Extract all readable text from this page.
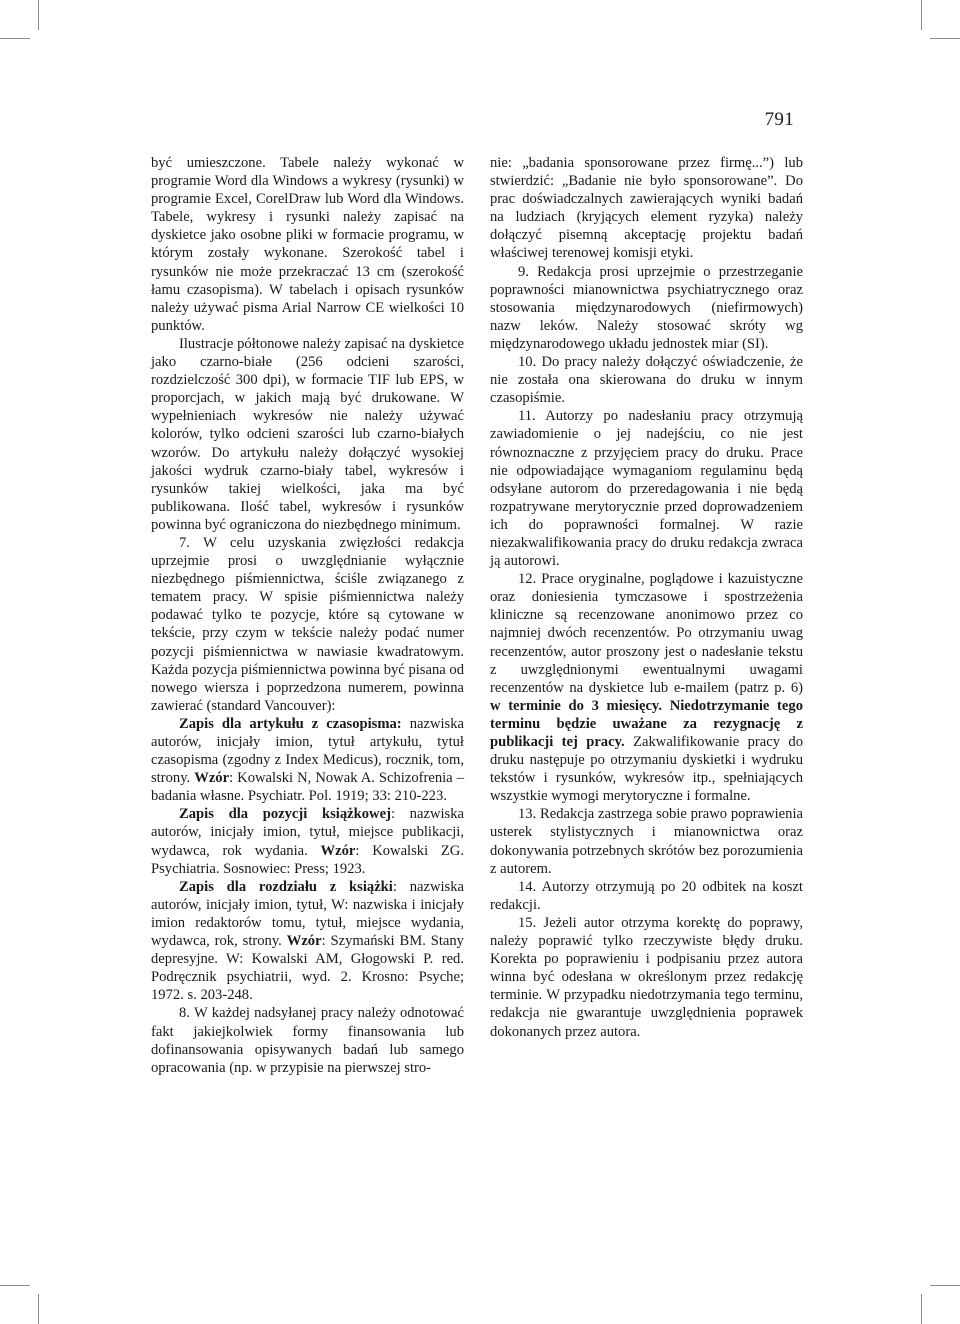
791

być umieszczone. Tabele należy wykonać w programie Word dla Windows a wykresy (rysunki) w programie Excel, CorelDraw lub Word dla Windows. Tabele, wykresy i rysunki należy zapisać na dyskietce jako osobne pliki w formacie programu, w którym zostały wykonane. Szerokość tabel i rysunków nie może przekraczać 13 cm (szerokość łamu czasopisma). W tabelach i opisach rysunków należy używać pisma Arial Narrow CE wielkości 10 punktów.

Ilustracje półtonowe należy zapisać na dyskietce jako czarno-białe (256 odcieni szarości, rozdzielczość 300 dpi), w formacie TIF lub EPS, w proporcjach, w jakich mają być drukowane. W wypełnieniach wykresów nie należy używać kolorów, tylko odcieni szarości lub czarno-białych wzorów. Do artykułu należy dołączyć wysokiej jakości wydruk czarno-biały tabel, wykresów i rysunków takiej wielkości, jaka ma być publikowana. Ilość tabel, wykresów i rysunków powinna być ograniczona do niezbędnego minimum.

7. W celu uzyskania zwięzłości redakcja uprzejmie prosi o uwzględnianie wyłącznie niezbędnego piśmiennictwa, ściśle związanego z tematem pracy. W spisie piśmiennictwa należy podawać tylko te pozycje, które są cytowane w tekście, przy czym w tekście należy podać numer pozycji piśmiennictwa w nawiasie kwadratowym. Każda pozycja piśmiennictwa powinna być pisana od nowego wiersza i poprzedzona numerem, powinna zawierać (standard Vancouver):

Zapis dla artykułu z czasopisma: nazwiska autorów, inicjały imion, tytuł artykułu, tytuł czasopisma (zgodny z Index Medicus), rocznik, tom, strony. Wzór: Kowalski N, Nowak A. Schizofrenia – badania własne. Psychiatr. Pol. 1919; 33: 210-223.

Zapis dla pozycji książkowej: nazwiska autorów, inicjały imion, tytuł, miejsce publikacji, wydawca, rok wydania. Wzór: Kowalski ZG. Psychiatria. Sosnowiec: Press; 1923.

Zapis dla rozdziału z książki: nazwiska autorów, inicjały imion, tytuł, W: nazwiska i inicjały imion redaktorów tomu, tytuł, miejsce wydania, wydawca, rok, strony. Wzór: Szymański BM. Stany depresyjne. W: Kowalski AM, Głogowski P. red. Podręcznik psychiatrii, wyd. 2. Krosno: Psyche; 1972. s. 203-248.

8. W każdej nadsyłanej pracy należy odnotować fakt jakiejkolwiek formy finansowania lub dofinansowania opisywanych badań lub samego opracowania (np. w przypisie na pierwszej stro-

nie: „badania sponsorowane przez firmę...”) lub stwierdzić: „Badanie nie było sponsorowane”. Do prac doświadczalnych zawierających wyniki badań na ludziach (kryjących element ryzyka) należy dołączyć pisemną akceptację projektu badań właściwej terenowej komisji etyki.

9. Redakcja prosi uprzejmie o przestrzeganie poprawności mianownictwa psychiatrycznego oraz stosowania międzynarodowych (niefirmowych) nazw leków. Należy stosować skróty wg międzynarodowego układu jednostek miar (SI).

10. Do pracy należy dołączyć oświadczenie, że nie została ona skierowana do druku w innym czasopiśmie.

11. Autorzy po nadesłaniu pracy otrzymują zawiadomienie o jej nadejściu, co nie jest równoznaczne z przyjęciem pracy do druku. Prace nie odpowiadające wymaganiom regulaminu będą odsyłane autorom do przeredagowania i nie będą rozpatrywane merytorycznie przed doprowadzeniem ich do poprawności formalnej. W razie niezakwalifikowania pracy do druku redakcja zwraca ją autorowi.

12. Prace oryginalne, poglądowe i kazuistyczne oraz doniesienia tymczasowe i spostrzeżenia kliniczne są recenzowane anonimowo przez co najmniej dwóch recenzentów. Po otrzymaniu uwag recenzentów, autor proszony jest o nadesłanie tekstu z uwzględnionymi ewentualnymi uwagami recenzentów na dyskietce lub e-mailem (patrz p. 6) w terminie do 3 miesięcy. Niedotrzymanie tego terminu będzie uważane za rezygnację z publikacji tej pracy. Zakwalifikowanie pracy do druku następuje po otrzymaniu dyskietki i wydruku tekstów i rysunków, wykresów itp., spełniających wszystkie wymogi merytoryczne i formalne.

13. Redakcja zastrzega sobie prawo poprawienia usterek stylistycznych i mianownictwa oraz dokonywania potrzebnych skrótów bez porozumienia z autorem.

14. Autorzy otrzymują po 20 odbitek na koszt redakcji.

15. Jeżeli autor otrzyma korektę do poprawy, należy poprawić tylko rzeczywiste błędy druku. Korekta po poprawieniu i podpisaniu przez autora winna być odesłana w określonym przez redakcję terminie. W przypadku niedotrzymania tego terminu, redakcja nie gwarantuje uwzględnienia poprawek dokonanych przez autora.
